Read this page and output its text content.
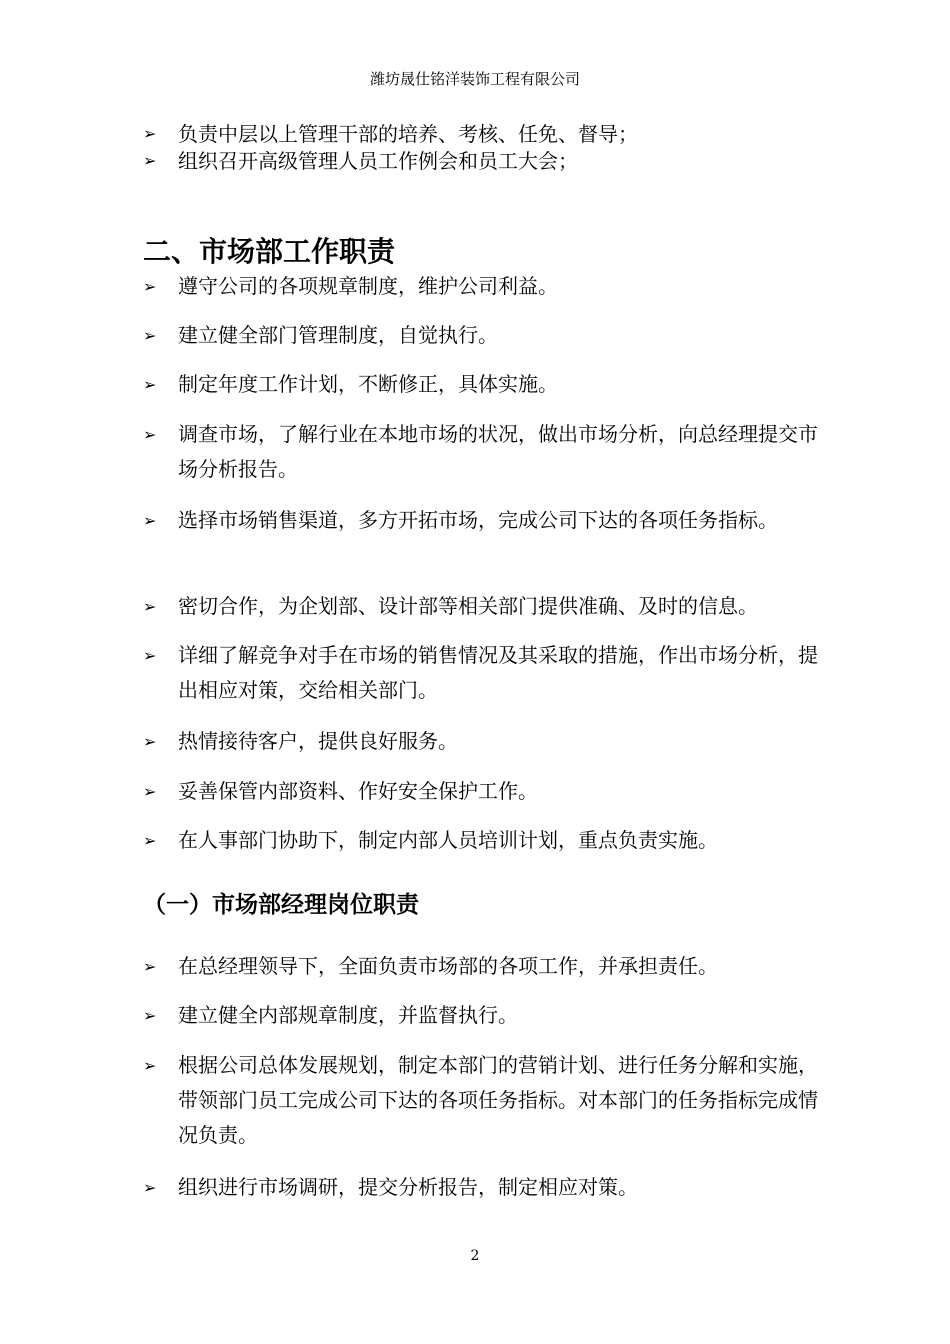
潍坊晟仕铭洋装饰工程有限公司
➢	负责中层以上管理干部的培养、考核、任免、督导；
➢	组织召开高级管理人员工作例会和员工大会；
二、市场部工作职责
➢	遵守公司的各项规章制度，维护公司利益。
➢	建立健全部门管理制度，自觉执行。
➢	制定年度工作计划，不断修正，具体实施。
➢	调查市场，了解行业在本地市场的状况，做出市场分析，向总经理提交市场分析报告。
➢	选择市场销售渠道，多方开拓市场，完成公司下达的各项任务指标。
➢	密切合作，为企划部、设计部等相关部门提供准确、及时的信息。
➢	详细了解竞争对手在市场的销售情况及其采取的措施，作出市场分析，提出相应对策，交给相关部门。
➢	热情接待客户，提供良好服务。
➢	妥善保管内部资料、作好安全保护工作。
➢	在人事部门协助下，制定内部人员培训计划，重点负责实施。
（一）市场部经理岗位职责
➢	在总经理领导下，全面负责市场部的各项工作，并承担责任。
➢	建立健全内部规章制度，并监督执行。
➢	根据公司总体发展规划，制定本部门的营销计划、进行任务分解和实施，带领部门员工完成公司下达的各项任务指标。对本部门的任务指标完成情况负责。
➢	组织进行市场调研，提交分析报告，制定相应对策。
2
